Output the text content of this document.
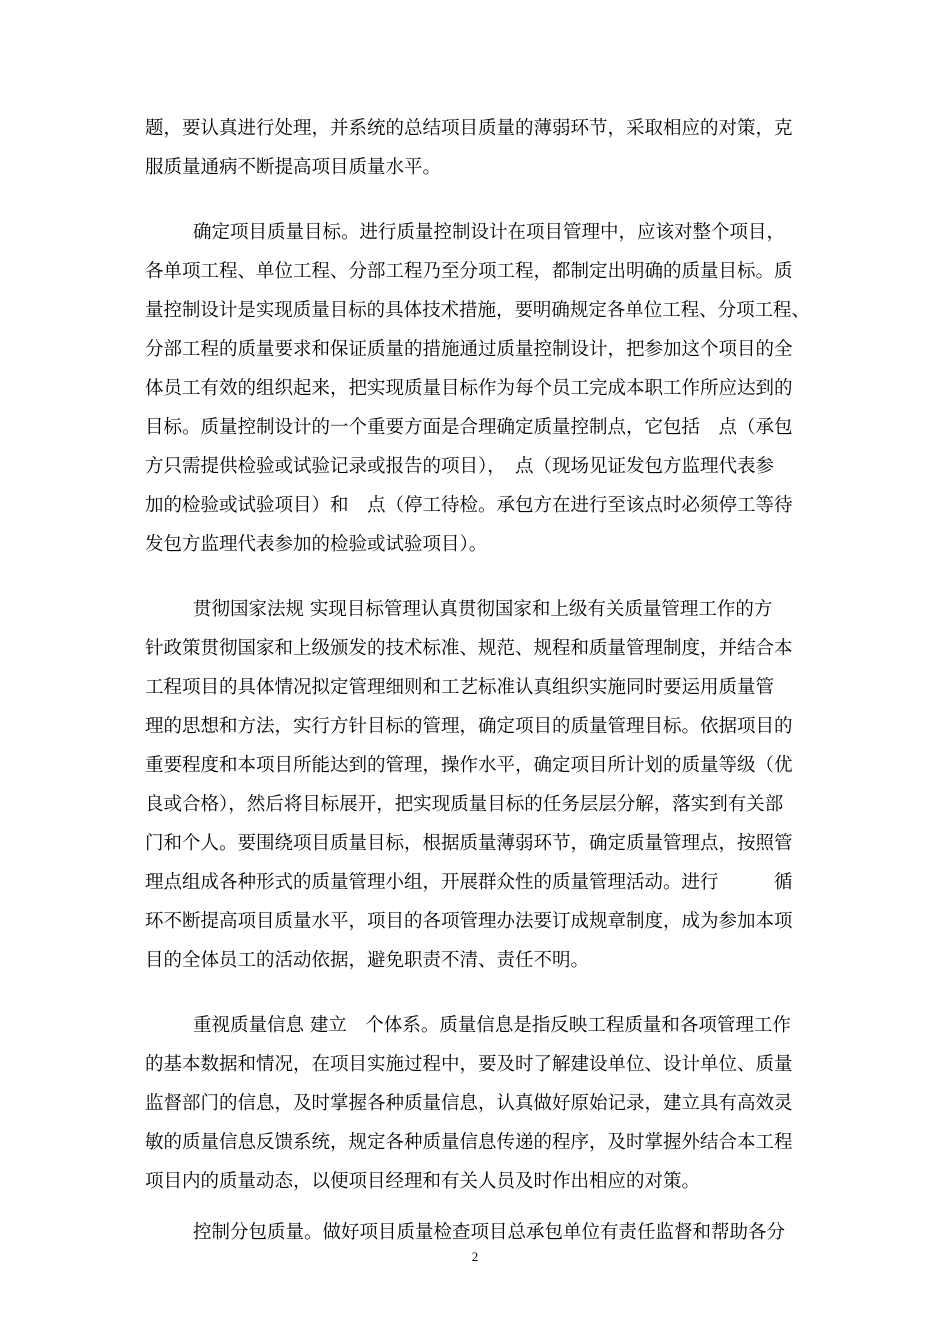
题，要认真进行处理，并系统的总结项目质量的薄弱环节，采取相应的对策，克
服质量通病不断提高项目质量水平。
确定项目质量目标。进行质量控制设计在项目管理中，应该对整个项目，
各单项工程、单位工程、分部工程乃至分项工程，都制定出明确的质量目标。质
量控制设计是实现质量目标的具体技术措施，要明确规定各单位工程、分项工程、
分部工程的质量要求和保证质量的措施通过质量控制设计，把参加这个项目的全
体员工有效的组织起来，把实现质量目标作为每个员工完成本职工作所应达到的
目标。质量控制设计的一个重要方面是合理确定质量控制点，它包括　点（承包
方只需提供检验或试验记录或报告的项目），　点（现场见证发包方监理代表参
加的检验或试验项目）和　点（停工待检。承包方在进行至该点时必须停工等待
发包方监理代表参加的检验或试验项目）。
贯彻国家法规 实现目标管理认真贯彻国家和上级有关质量管理工作的方
针政策贯彻国家和上级颁发的技术标准、规范、规程和质量管理制度，并结合本
工程项目的具体情况拟定管理细则和工艺标准认真组织实施同时要运用质量管
理的思想和方法，实行方针目标的管理，确定项目的质量管理目标。依据项目的
重要程度和本项目所能达到的管理，操作水平，确定项目所计划的质量等级（优
良或合格），然后将目标展开，把实现质量目标的任务层层分解，落实到有关部
门和个人。要围绕项目质量目标，根据质量薄弱环节，确定质量管理点，按照管
理点组成各种形式的质量管理小组，开展群众性的质量管理活动。进行　　　循
环不断提高项目质量水平，项目的各项管理办法要订成规章制度，成为参加本项
目的全体员工的活动依据，避免职责不清、责任不明。
重视质量信息 建立　个体系。质量信息是指反映工程质量和各项管理工作
的基本数据和情况，在项目实施过程中，要及时了解建设单位、设计单位、质量
监督部门的信息，及时掌握各种质量信息，认真做好原始记录，建立具有高效灵
敏的质量信息反馈系统，规定各种质量信息传递的程序，及时掌握外结合本工程
项目内的质量动态，以便项目经理和有关人员及时作出相应的对策。
控制分包质量。做好项目质量检查项目总承包单位有责任监督和帮助各分
2
